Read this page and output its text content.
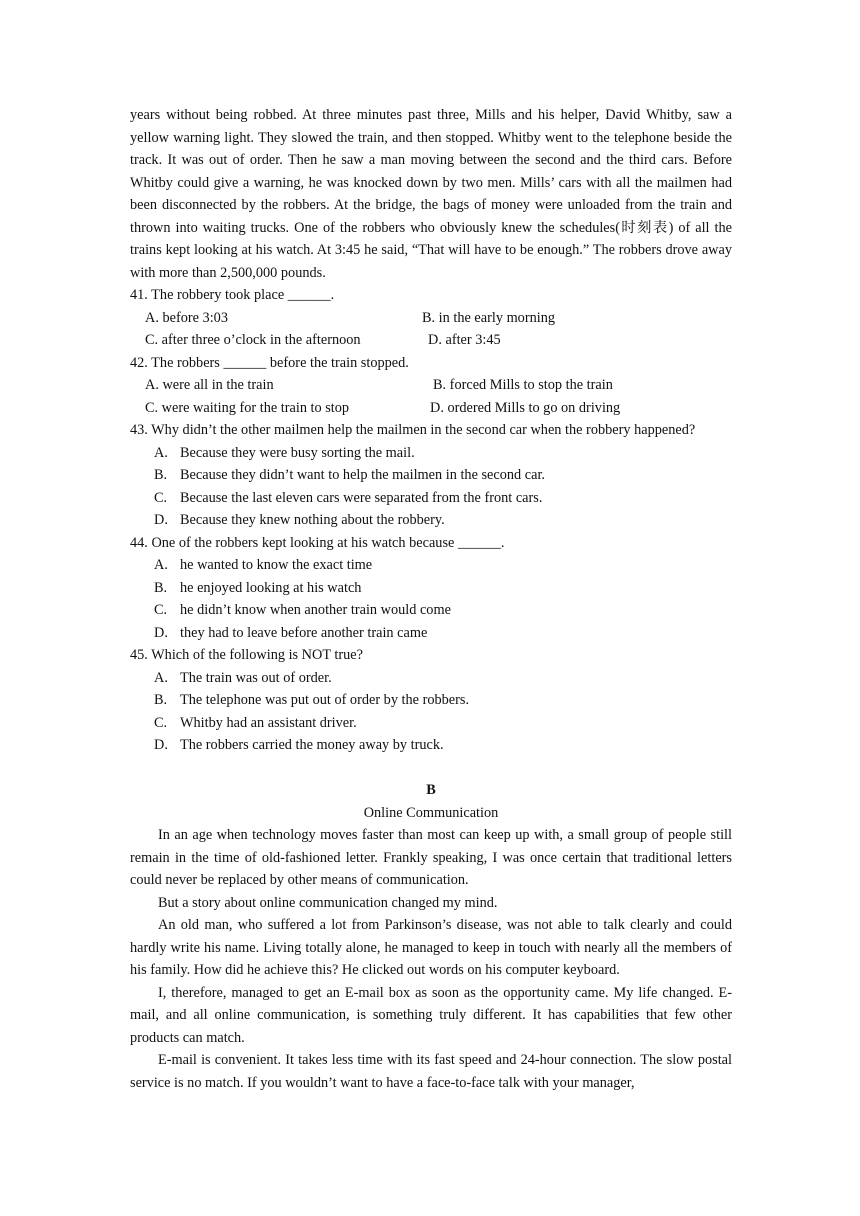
years without being robbed. At three minutes past three, Mills and his helper, David Whitby, saw a yellow warning light. They slowed the train, and then stopped. Whitby went to the telephone beside the track. It was out of order. Then he saw a man moving between the second and the third cars. Before Whitby could give a warning, he was knocked down by two men. Mills’ cars with all the mailmen had been disconnected by the robbers. At the bridge, the bags of money were unloaded from the train and thrown into waiting trucks. One of the robbers who obviously knew the schedules(时刻表) of all the trains kept looking at his watch. At 3:45 he said, “That will have to be enough.” The robbers drove away with more than 2,500,000 pounds.

41. The robbery took place ______.
A. before 3:03	B. in the early morning
C. after three o’clock in the afternoon	D. after 3:45
42. The robbers ______ before the train stopped.
A. were all in the train	B. forced Mills to stop the train
C. were waiting for the train to stop	D. ordered Mills to go on driving
43. Why didn’t the other mailmen help the mailmen in the second car when the robbery happened?
A. Because they were busy sorting the mail.
B. Because they didn’t want to help the mailmen in the second car.
C. Because the last eleven cars were separated from the front cars.
D. Because they knew nothing about the robbery.
44. One of the robbers kept looking at his watch because ______.
A. he wanted to know the exact time
B. he enjoyed looking at his watch
C. he didn’t know when another train would come
D. they had to leave before another train came
45. Which of the following is NOT true?
A. The train was out of order.
B. The telephone was put out of order by the robbers.
C. Whitby had an assistant driver.
D. The robbers carried the money away by truck.
B
Online Communication

In an age when technology moves faster than most can keep up with, a small group of people still remain in the time of old-fashioned letter. Frankly speaking, I was once certain that traditional letters could never be replaced by other means of communication.

But a story about online communication changed my mind.

An old man, who suffered a lot from Parkinson’s disease, was not able to talk clearly and could hardly write his name. Living totally alone, he managed to keep in touch with nearly all the members of his family. How did he achieve this? He clicked out words on his computer keyboard.

I, therefore, managed to get an E-mail box as soon as the opportunity came. My life changed. E-mail, and all online communication, is something truly different. It has capabilities that few other products can match.

E-mail is convenient. It takes less time with its fast speed and 24-hour connection. The slow postal service is no match. If you wouldn’t want to have a face-to-face talk with your manager,
